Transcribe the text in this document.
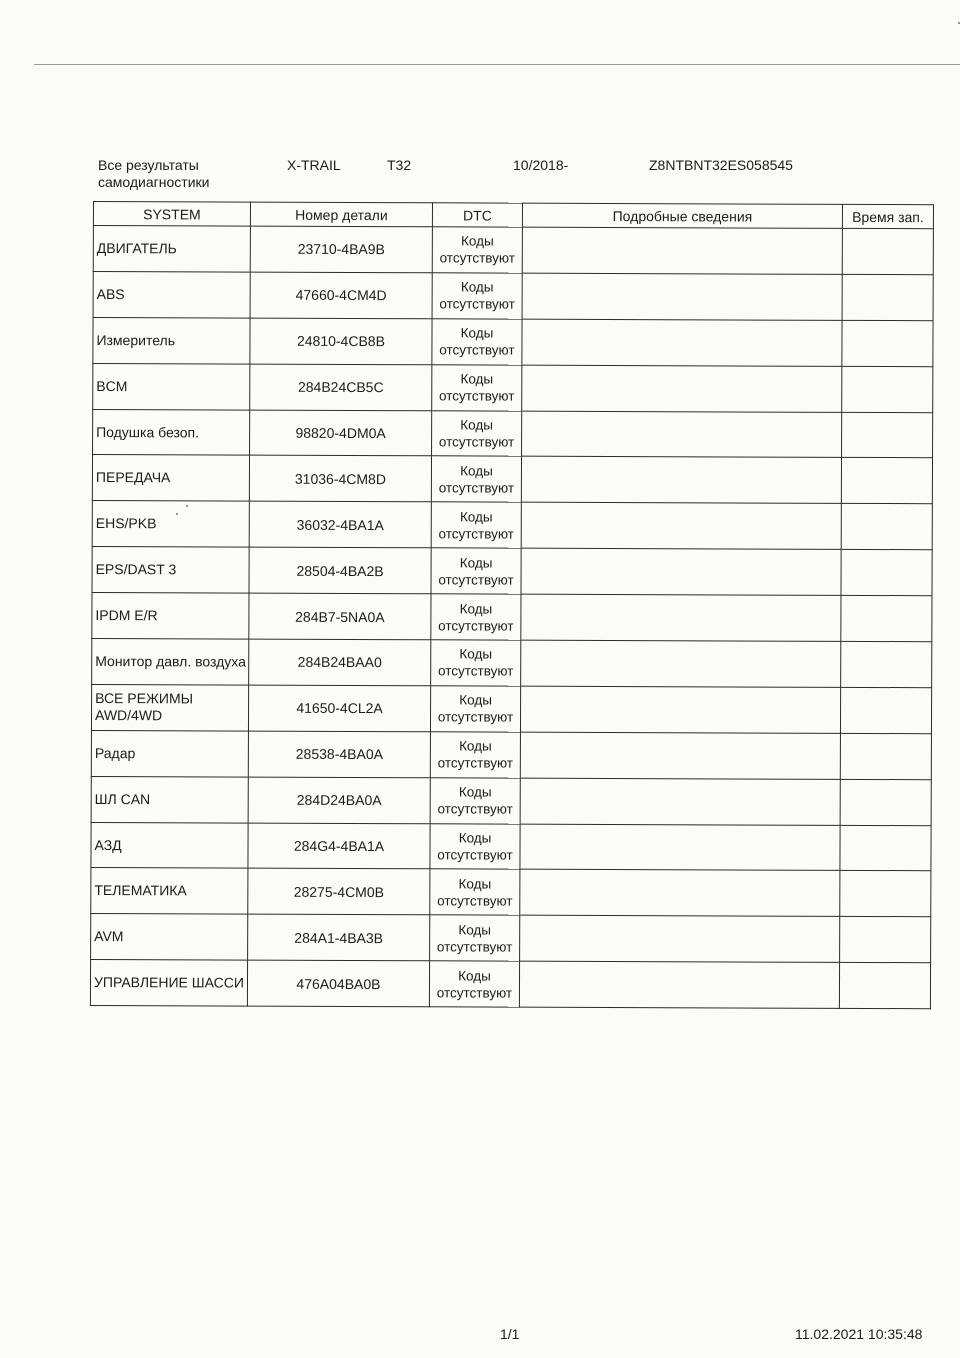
Все результаты самодиагностики
X-TRAIL	T32	10/2018-	Z8NTBNT32ES058545
SYSTEM	Номер детали	DTC	Подробные сведения	Время зап.
ДВИГАТЕЛЬ	23710-4BA9B	Коды отсутствуют		
ABS	47660-4CM4D	Коды отсутствуют		
Измеритель	24810-4CB8B	Коды отсутствуют		
BCM	284B24CB5C	Коды отсутствуют		
Подушка безоп.	98820-4DM0A	Коды отсутствуют		
ПЕРЕДАЧА	31036-4CM8D	Коды отсутствуют		
EHS/PKB	36032-4BA1A	Коды отсутствуют		
EPS/DAST 3	28504-4BA2B	Коды отсутствуют		
IPDM E/R	284B7-5NA0A	Коды отсутствуют		
Монитор давл. воздуха	284B24BAA0	Коды отсутствуют		
ВСЕ РЕЖИМЫ AWD/4WD	41650-4CL2A	Коды отсутствуют		
Радар	28538-4BA0A	Коды отсутствуют		
ШЛ CAN	284D24BA0A	Коды отсутствуют		
АЗД	284G4-4BA1A	Коды отсутствуют		
ТЕЛЕМАТИКА	28275-4CM0B	Коды отсутствуют		
AVM	284A1-4BA3B	Коды отсутствуют		
УПРАВЛЕНИЕ ШАССИ	476A04BA0B	Коды отсутствуют		
1/1	11.02.2021 10:35:48
